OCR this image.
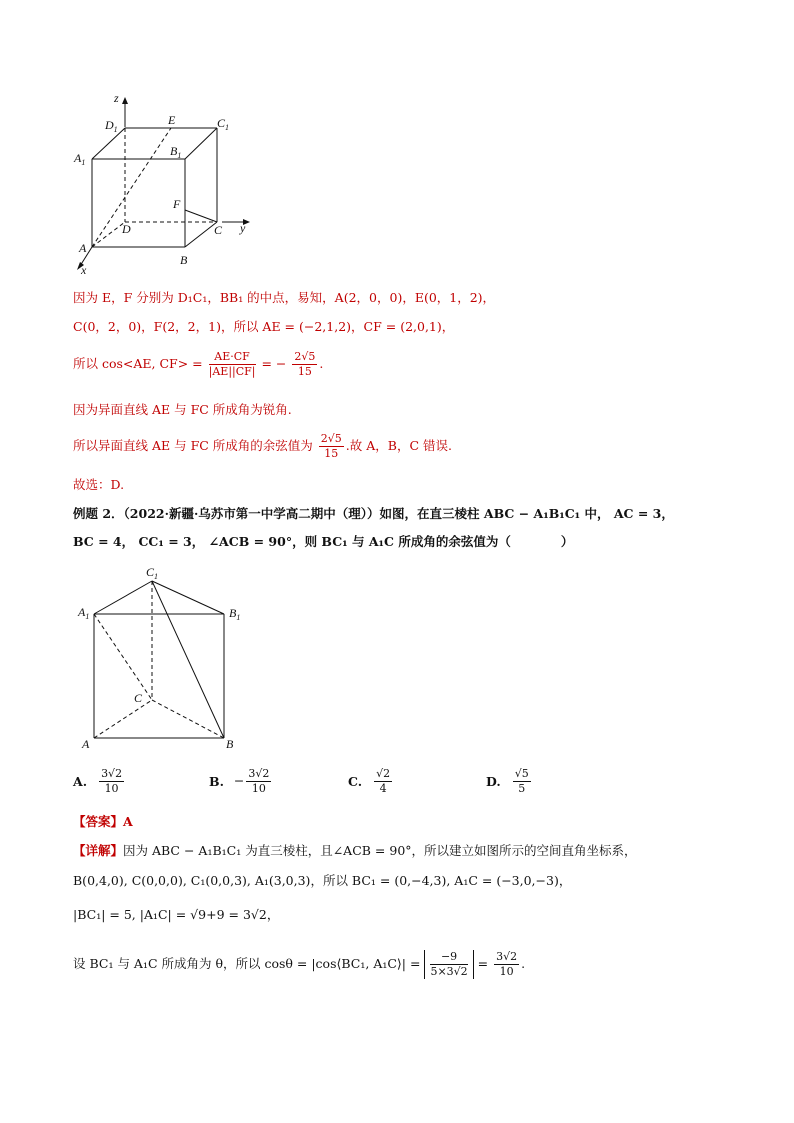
z
y
x
$D_1$
E	$C_1$
$A_1$
$B_1$
F
D	C
A
B
因为 E，F 分别为 D₁C₁，BB₁ 的中点，易知，A(2，0，0)，E(0，1，2)，
C(0，2，0)，F(2，2，1)，所以 AE = (−2,1,2)，CF = (2,0,1)，
所以 cos<AE, $CF> = \frac{AE\cdot CF}{|AE||CF|}$ = − $\frac{2√5}{15}$ .
因为异面直线 AE 与 FC 所成角为锐角.
所以异面直线 AE 与 FC 所成角的余弦值为 $\frac{2√5}{15}$ .故 A，B，C 错误.
故选：D.
例题 2．（2022·新疆·乌苏市第一中学高二期中（理））如图，在直三棱柱 ABC − A₁B₁C₁ 中， AC = 3，
BC = 4， CC₁ = 3， ∠ACB = 90°，则 BC₁ 与 A₁C 所成角的余弦值为（　　　　）
$C_1$
$A_1$	$B_1$
C
A	B
A. $\frac{3√2}{10}$	B. − $\frac{3√2}{10}$	C. $\frac{√2}{4}$	D. $\frac{√5}{5}$
【答案】A
【详解】因为 ABC − A₁B₁C₁ 为直三棱柱，且∠ACB = 90°，所以建立如图所示的空间直角坐标系，
B(0,4,0), C(0,0,0), C₁(0,0,3), A₁(3,0,3)，所以 BC₁ = (0,−4,3), A₁C = (−3,0,−3)，
|BC₁| = 5, |A₁C| = √9+9 = 3√2，
设 BC₁ 与 A₁C 所成角为 θ，所以 cosθ = |cos⟨BC₁, A₁C⟩| = $\frac{-9}{5\times 3√2} = \frac{3√2}{10}$ .
